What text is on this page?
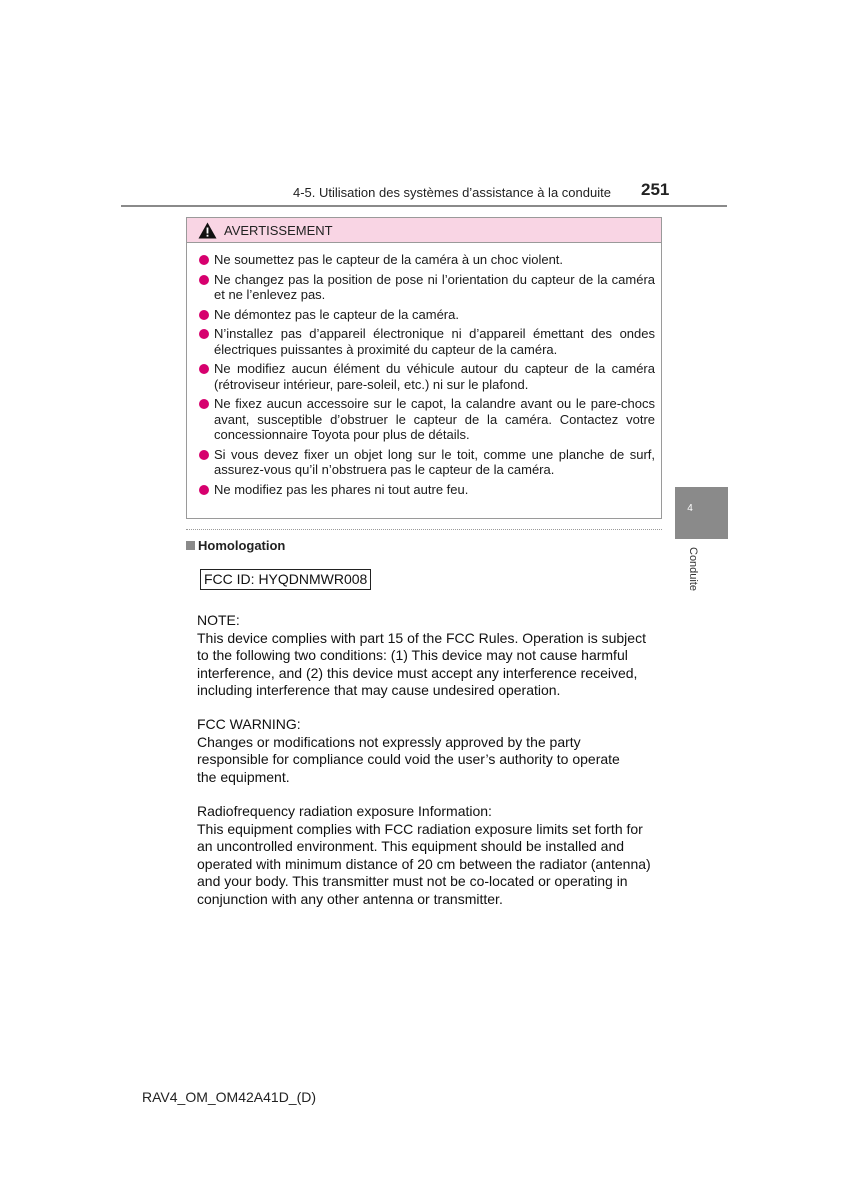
4-5. Utilisation des systèmes d’assistance à la conduite 251
AVERTISSEMENT
Ne soumettez pas le capteur de la caméra à un choc violent.
Ne changez pas la position de pose ni l’orientation du capteur de la caméra et ne l’enlevez pas.
Ne démontez pas le capteur de la caméra.
N’installez pas d’appareil électronique ni d’appareil émettant des ondes électriques puissantes à proximité du capteur de la caméra.
Ne modifiez aucun élément du véhicule autour du capteur de la caméra (rétroviseur intérieur, pare-soleil, etc.) ni sur le plafond.
Ne fixez aucun accessoire sur le capot, la calandre avant ou le pare-chocs avant, susceptible d’obstruer le capteur de la caméra. Contactez votre concessionnaire Toyota pour plus de détails.
Si vous devez fixer un objet long sur le toit, comme une planche de surf, assurez-vous qu’il n’obstruera pas le capteur de la caméra.
Ne modifiez pas les phares ni tout autre feu.
4
Conduite
Homologation
FCC ID: HYQDNMWR008
NOTE:
This device complies with part 15 of the FCC Rules. Operation is subject
to the following two conditions: (1) This device may not cause harmful
interference, and (2) this device must accept any interference received,
including interference that may cause undesired operation.
FCC WARNING:
Changes or modifications not expressly approved by the party
responsible for compliance could void the user’s authority to operate
the equipment.
Radiofrequency radiation exposure Information:
This equipment complies with FCC radiation exposure limits set forth for
an uncontrolled environment. This equipment should be installed and
operated with minimum distance of 20 cm between the radiator (antenna)
and your body. This transmitter must not be co-located or operating in
conjunction with any other antenna or transmitter.
RAV4_OM_OM42A41D_(D)
